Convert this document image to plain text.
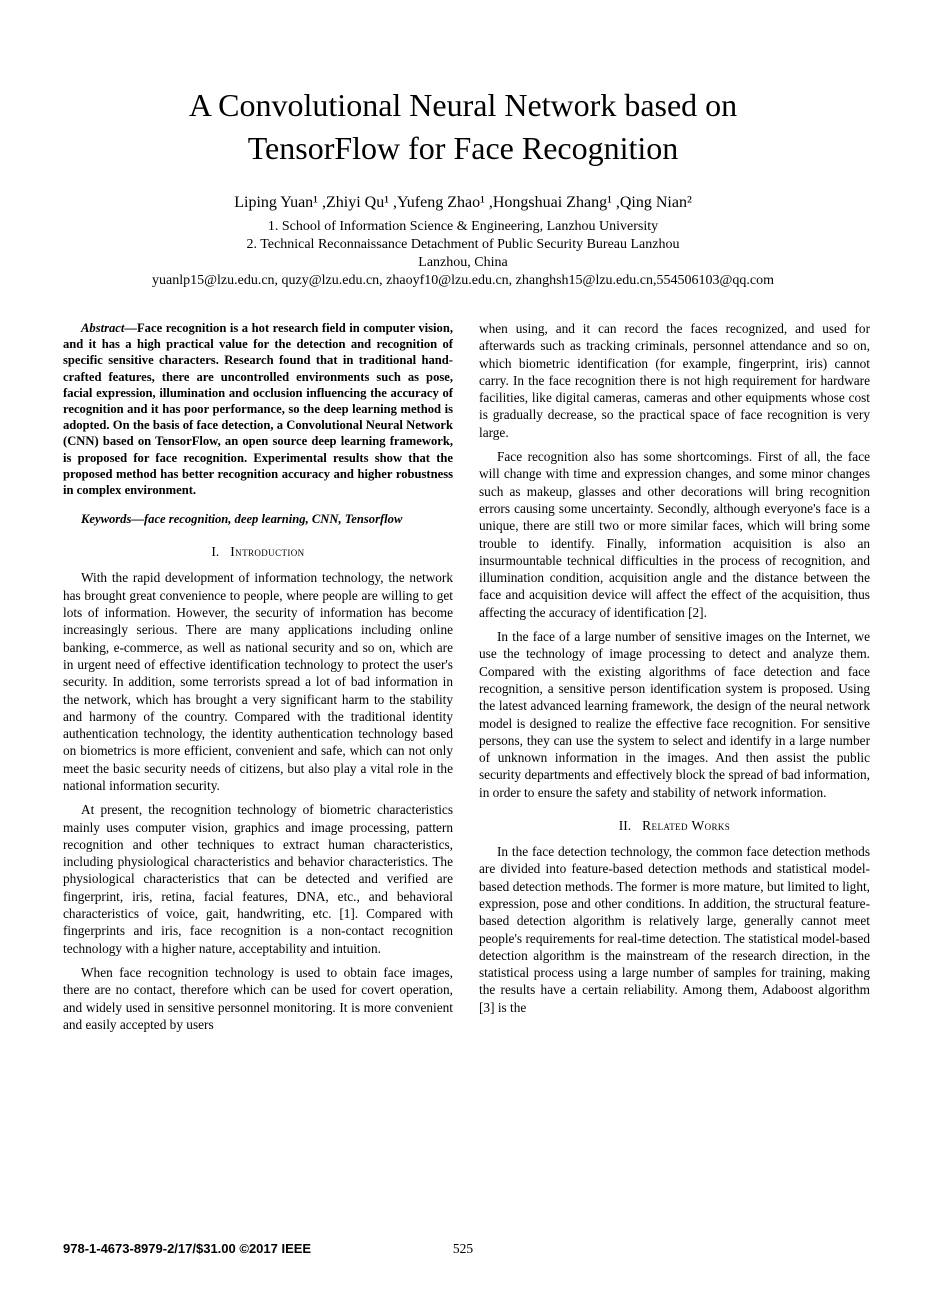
A Convolutional Neural Network based on
TensorFlow for Face Recognition
Liping Yuan¹ ,Zhiyi Qu¹ ,Yufeng Zhao¹ ,Hongshuai Zhang¹ ,Qing Nian²
1. School of Information Science & Engineering, Lanzhou University
2. Technical Reconnaissance Detachment of Public Security Bureau Lanzhou
Lanzhou, China
yuanlp15@lzu.edu.cn, quzy@lzu.edu.cn, zhaoyf10@lzu.edu.cn, zhanghsh15@lzu.edu.cn,554506103@qq.com

Abstract—Face recognition is a hot research field in computer vision, and it has a high practical value for the detection and recognition of specific sensitive characters. Research found that in traditional hand-crafted features, there are uncontrolled environments such as pose, facial expression, illumination and occlusion influencing the accuracy of recognition and it has poor performance, so the deep learning method is adopted. On the basis of face detection, a Convolutional Neural Network (CNN) based on TensorFlow, an open source deep learning framework, is proposed for face recognition. Experimental results show that the proposed method has better recognition accuracy and higher robustness in complex environment.

Keywords—face recognition, deep learning, CNN, Tensorflow

I. Introduction

With the rapid development of information technology, the network has brought great convenience to people, where people are willing to get lots of information. However, the security of information has become increasingly serious. There are many applications including online banking, e-commerce, as well as national security and so on, which are in urgent need of effective identification technology to protect the user's security. In addition, some terrorists spread a lot of bad information in the network, which has brought a very significant harm to the stability and harmony of the country. Compared with the traditional identity authentication technology, the identity authentication technology based on biometrics is more efficient, convenient and safe, which can not only meet the basic security needs of citizens, but also play a vital role in the national information security.

At present, the recognition technology of biometric characteristics mainly uses computer vision, graphics and image processing, pattern recognition and other techniques to extract human characteristics, including physiological characteristics and behavior characteristics. The physiological characteristics that can be detected and verified are fingerprint, iris, retina, facial features, DNA, etc., and behavioral characteristics of voice, gait, handwriting, etc. [1]. Compared with fingerprints and iris, face recognition is a non-contact recognition technology with a higher nature, acceptability and intuition.

When face recognition technology is used to obtain face images, there are no contact, therefore which can be used for covert operation, and widely used in sensitive personnel monitoring. It is more convenient and easily accepted by users

when using, and it can record the faces recognized, and used for afterwards such as tracking criminals, personnel attendance and so on, which biometric identification (for example, fingerprint, iris) cannot carry. In the face recognition there is not high requirement for hardware facilities, like digital cameras, cameras and other equipments whose cost is gradually decrease, so the practical space of face recognition is very large.

Face recognition also has some shortcomings. First of all, the face will change with time and expression changes, and some minor changes such as makeup, glasses and other decorations will bring recognition errors causing some uncertainty. Secondly, although everyone's face is a unique, there are still two or more similar faces, which will bring some trouble to identify. Finally, information acquisition is also an insurmountable technical difficulties in the process of recognition, and illumination condition, acquisition angle and the distance between the face and acquisition device will affect the effect of the acquisition, thus affecting the accuracy of identification [2].

In the face of a large number of sensitive images on the Internet, we use the technology of image processing to detect and analyze them. Compared with the existing algorithms of face detection and face recognition, a sensitive person identification system is proposed. Using the latest advanced learning framework, the design of the neural network model is designed to realize the effective face recognition. For sensitive persons, they can use the system to select and identify in a large number of unknown information in the images. And then assist the public security departments and effectively block the spread of bad information, in order to ensure the safety and stability of network information.

II. Related Works

In the face detection technology, the common face detection methods are divided into feature-based detection methods and statistical model-based detection methods. The former is more mature, but limited to light, expression, pose and other conditions. In addition, the structural feature-based detection algorithm is relatively large, generally cannot meet people's requirements for real-time detection. The statistical model-based detection algorithm is the mainstream of the research direction, in the statistical process using a large number of samples for training, making the results have a certain reliability. Among them, Adaboost algorithm [3] is the

978-1-4673-8979-2/17/$31.00 ©2017 IEEE	525
